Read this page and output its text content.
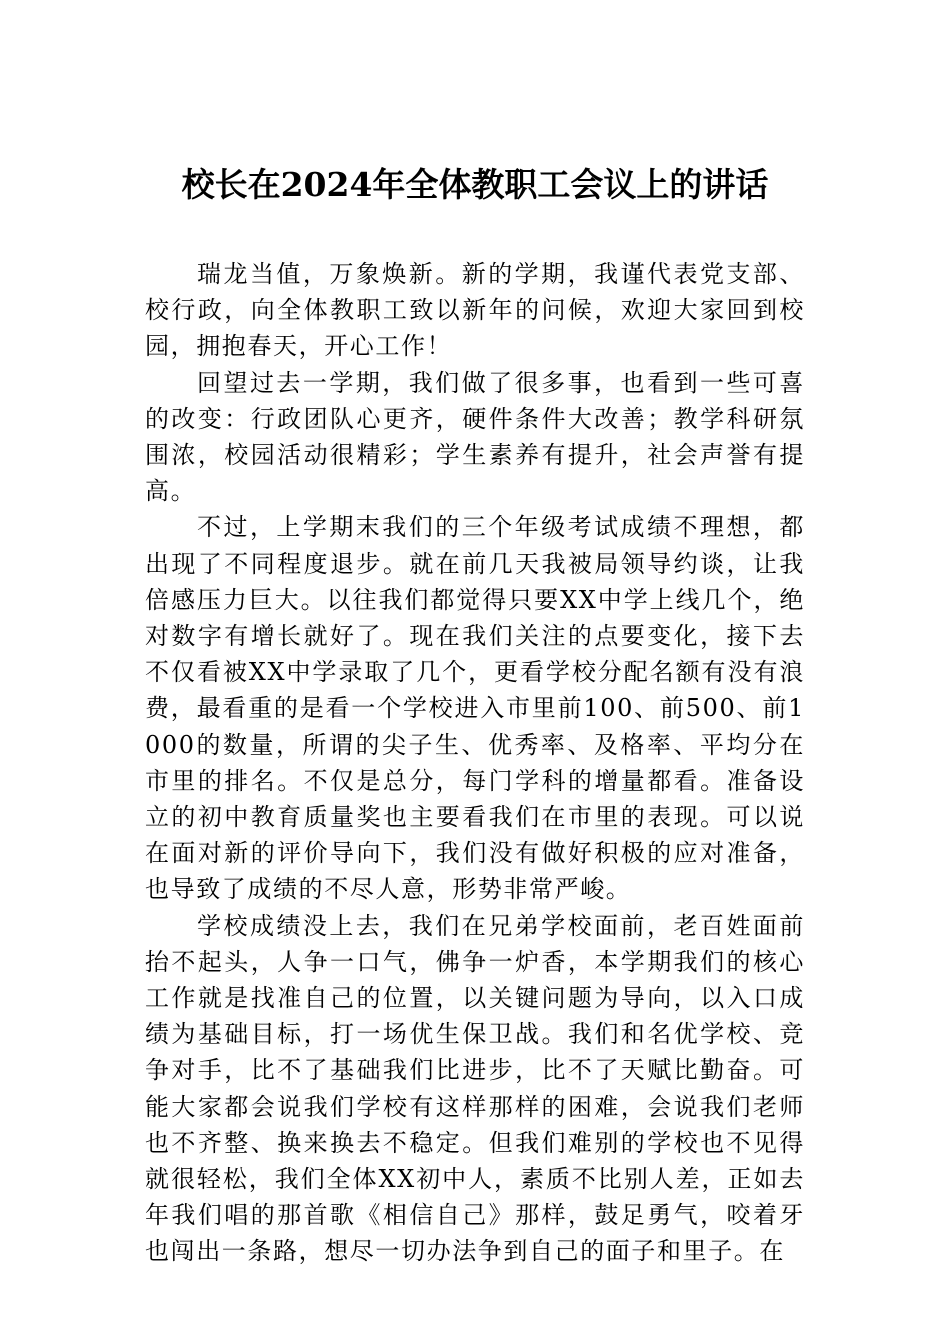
校长在2024年全体教职工会议上的讲话

瑞龙当值，万象焕新。新的学期，我谨代表党支部、校行政，向全体教职工致以新年的问候，欢迎大家回到校园，拥抱春天，开心工作！

回望过去一学期，我们做了很多事，也看到一些可喜的改变：行政团队心更齐，硬件条件大改善；教学科研氛围浓，校园活动很精彩；学生素养有提升，社会声誉有提高。

不过，上学期末我们的三个年级考试成绩不理想，都出现了不同程度退步。就在前几天我被局领导约谈，让我倍感压力巨大。以往我们都觉得只要XX中学上线几个，绝对数字有增长就好了。现在我们关注的点要变化，接下去不仅看被XX中学录取了几个，更看学校分配名额有没有浪费，最看重的是看一个学校进入市里前100、前500、前1000的数量，所谓的尖子生、优秀率、及格率、平均分在市里的排名。不仅是总分，每门学科的增量都看。准备设立的初中教育质量奖也主要看我们在市里的表现。可以说在面对新的评价导向下，我们没有做好积极的应对准备，也导致了成绩的不尽人意，形势非常严峻。

学校成绩没上去，我们在兄弟学校面前，老百姓面前抬不起头，人争一口气，佛争一炉香，本学期我们的核心工作就是找准自己的位置，以关键问题为导向，以入口成绩为基础目标，打一场优生保卫战。我们和名优学校、竞争对手，比不了基础我们比进步，比不了天赋比勤奋。可能大家都会说我们学校有这样那样的困难，会说我们老师也不齐整、换来换去不稳定。但我们难别的学校也不见得就很轻松，我们全体XX初中人，素质不比别人差，正如去年我们唱的那首歌《相信自己》那样，鼓足勇气，咬着牙也闯出一条路，想尽一切办法争到自己的面子和里子。在
